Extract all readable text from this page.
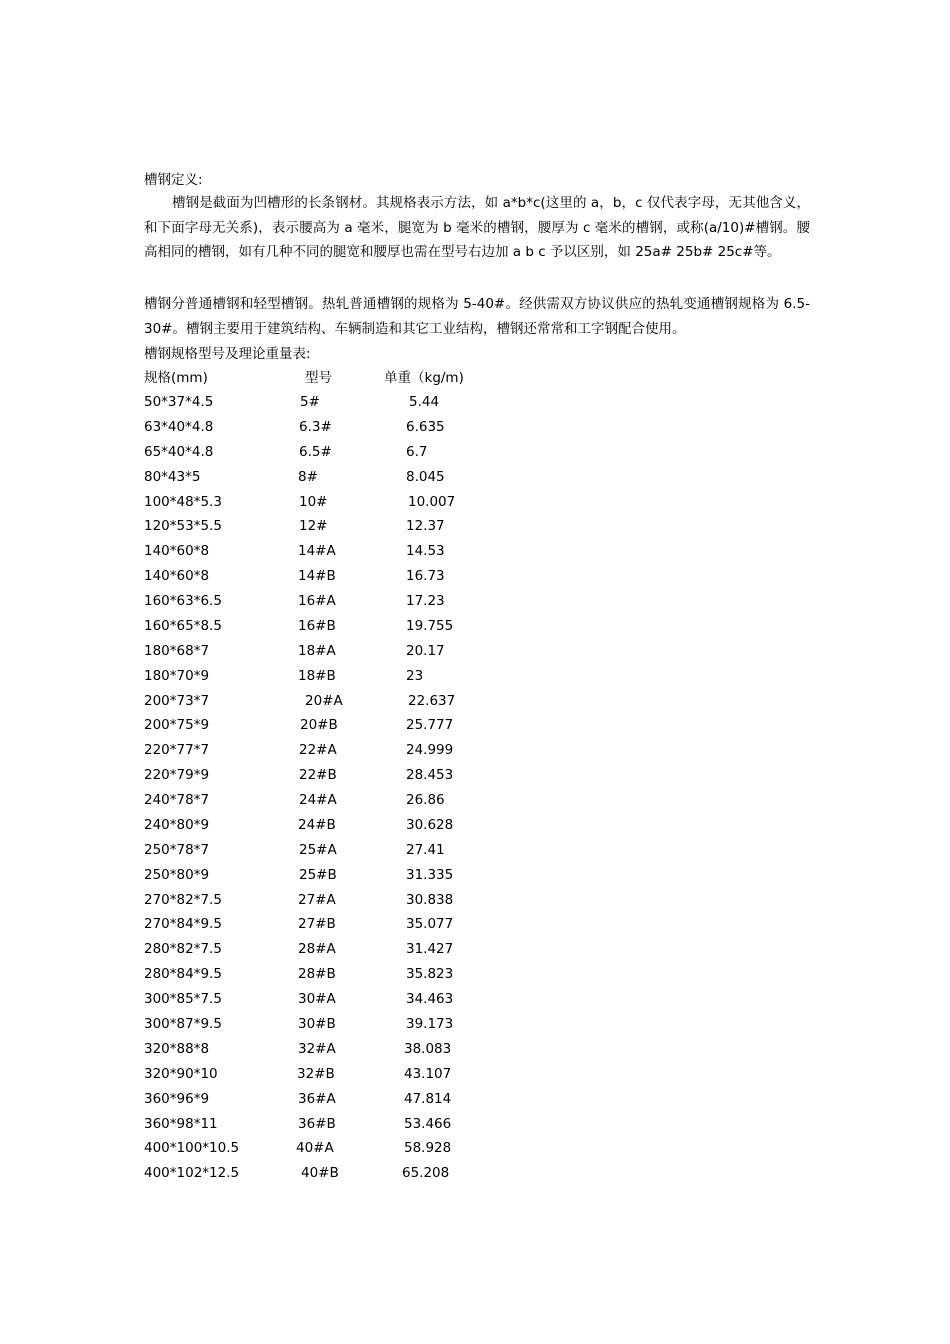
槽钢定义:
槽钢是截面为凹槽形的长条钢材。其规格表示方法，如 a*b*c(这里的 a，b，c 仅代表字母，无其他含义，和下面字母无关系)，表示腰高为 a 毫米，腿宽为 b 毫米的槽钢，腰厚为 c 毫米的槽钢，或称(a/10)#槽钢。腰高相同的槽钢，如有几种不同的腿宽和腰厚也需在型号右边加 a b c 予以区别，如 25a# 25b# 25c#等。
槽钢分普通槽钢和轻型槽钢。热轧普通槽钢的规格为 5-40#。经供需双方协议供应的热轧变通槽钢规格为 6.5-30#。槽钢主要用于建筑结构、车辆制造和其它工业结构，槽钢还常常和工字钢配合使用。
槽钢规格型号及理论重量表:
规格(mm)	型号	单重（kg/m)
50*37*4.5	5#	5.44
63*40*4.8	6.3#	6.635
65*40*4.8	6.5#	6.7
80*43*5	8#	8.045
100*48*5.3	10#	10.007
120*53*5.5	12#	12.37
140*60*8	14#A	14.53
140*60*8	14#B	16.73
160*63*6.5	16#A	17.23
160*65*8.5	16#B	19.755
180*68*7	18#A	20.17
180*70*9	18#B	23
200*73*7	20#A	22.637
200*75*9	20#B	25.777
220*77*7	22#A	24.999
220*79*9	22#B	28.453
240*78*7	24#A	26.86
240*80*9	24#B	30.628
250*78*7	25#A	27.41
250*80*9	25#B	31.335
270*82*7.5	27#A	30.838
270*84*9.5	27#B	35.077
280*82*7.5	28#A	31.427
280*84*9.5	28#B	35.823
300*85*7.5	30#A	34.463
300*87*9.5	30#B	39.173
320*88*8	32#A	38.083
320*90*10	32#B	43.107
360*96*9	36#A	47.814
360*98*11	36#B	53.466
400*100*10.5	40#A	58.928
400*102*12.5	40#B	65.208
